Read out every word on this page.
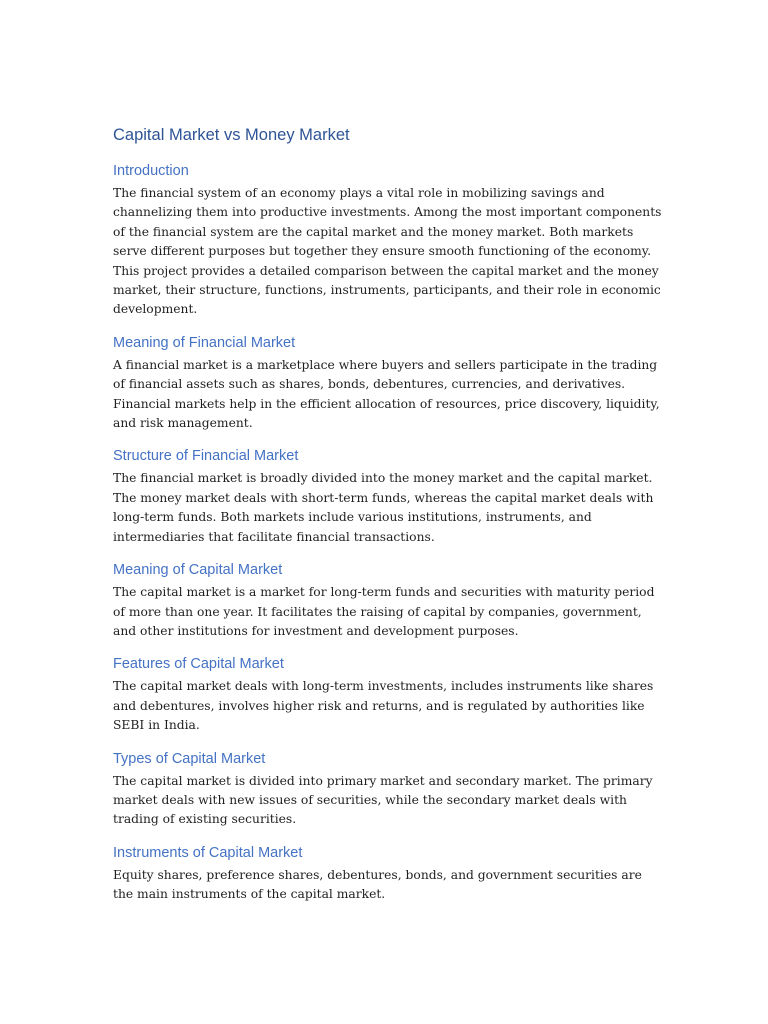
Capital Market vs Money Market
Introduction

The financial system of an economy plays a vital role in mobilizing savings and channelizing them into productive investments. Among the most important components of the financial system are the capital market and the money market. Both markets serve different purposes but together they ensure smooth functioning of the economy. This project provides a detailed comparison between the capital market and the money market, their structure, functions, instruments, participants, and their role in economic development.

Meaning of Financial Market

A financial market is a marketplace where buyers and sellers participate in the trading of financial assets such as shares, bonds, debentures, currencies, and derivatives. Financial markets help in the efficient allocation of resources, price discovery, liquidity, and risk management.

Structure of Financial Market

The financial market is broadly divided into the money market and the capital market. The money market deals with short-term funds, whereas the capital market deals with long-term funds. Both markets include various institutions, instruments, and intermediaries that facilitate financial transactions.

Meaning of Capital Market

The capital market is a market for long-term funds and securities with maturity period of more than one year. It facilitates the raising of capital by companies, government, and other institutions for investment and development purposes.

Features of Capital Market

The capital market deals with long-term investments, includes instruments like shares and debentures, involves higher risk and returns, and is regulated by authorities like SEBI in India.

Types of Capital Market

The capital market is divided into primary market and secondary market. The primary market deals with new issues of securities, while the secondary market deals with trading of existing securities.

Instruments of Capital Market

Equity shares, preference shares, debentures, bonds, and government securities are the main instruments of the capital market.
